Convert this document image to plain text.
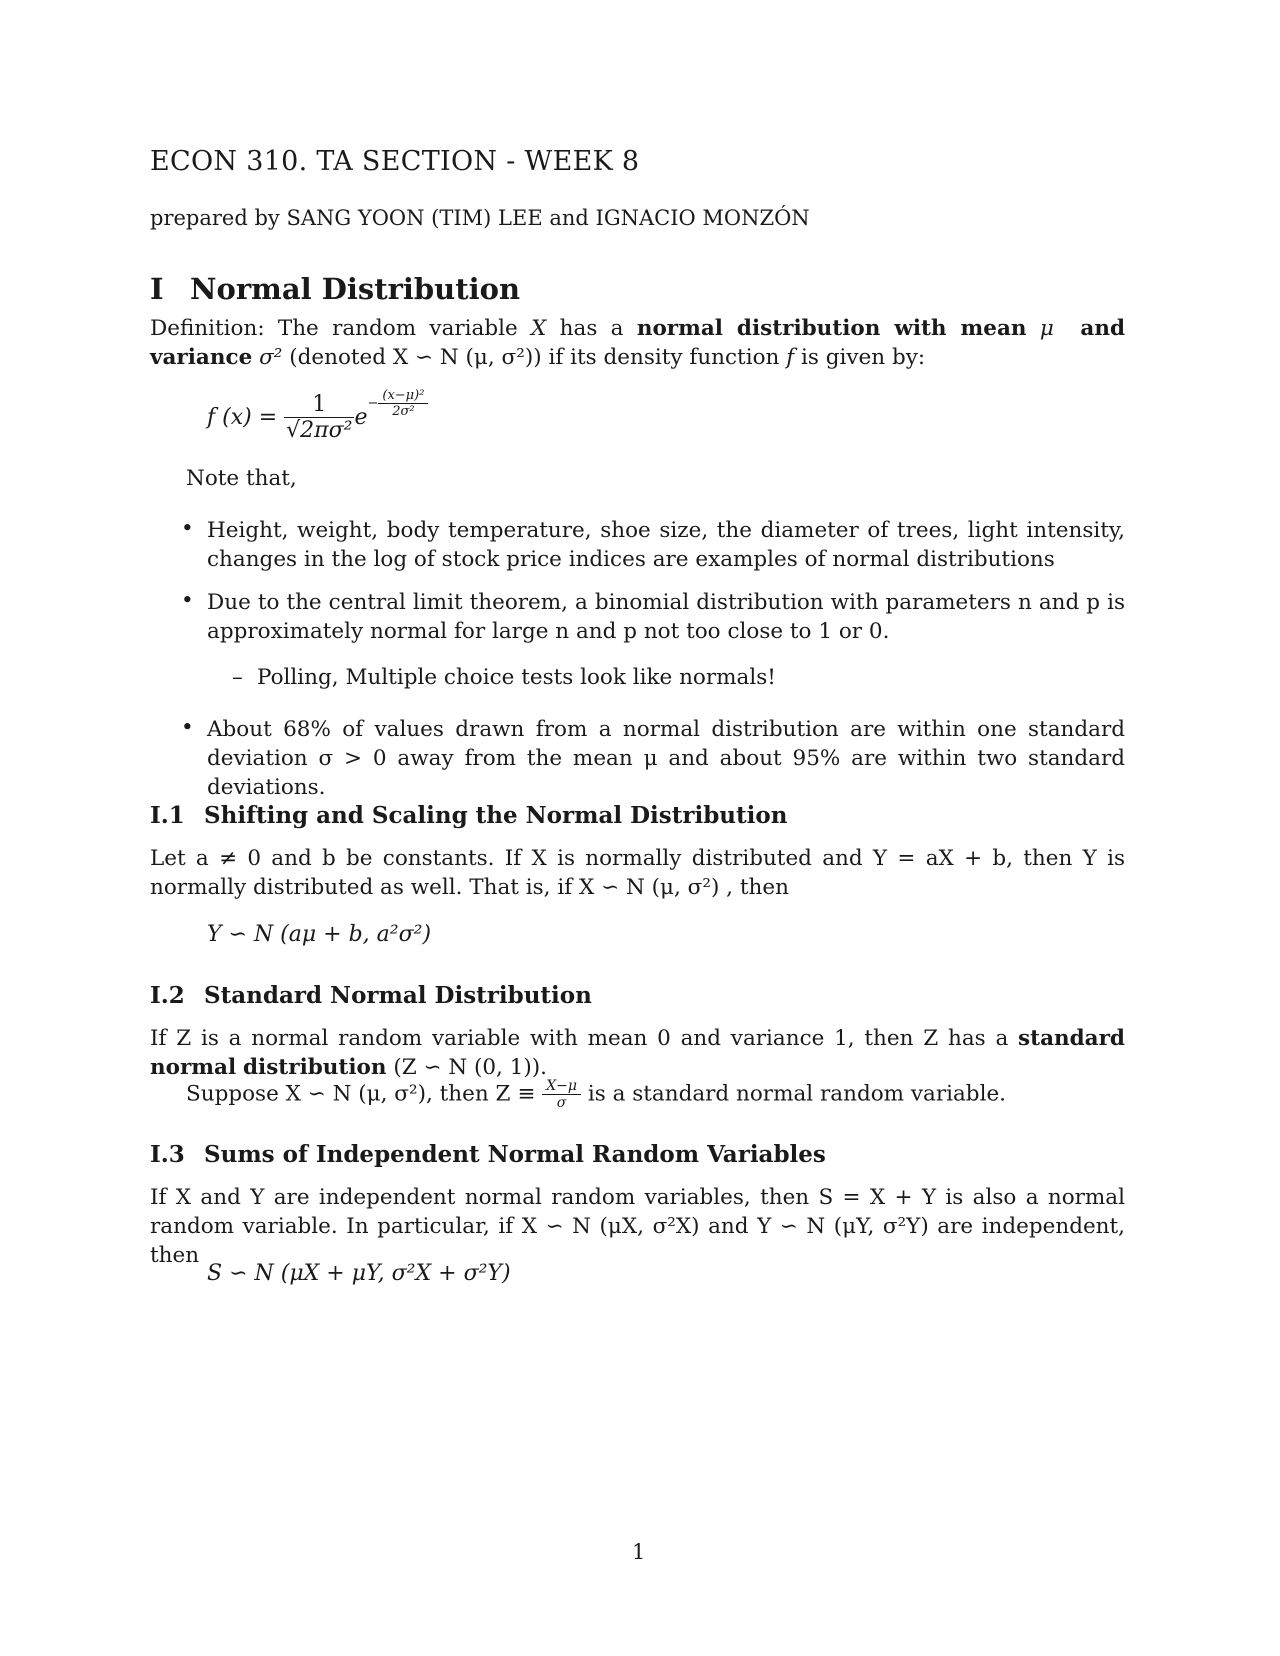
ECON 310. TA SECTION - WEEK 8
prepared by SANG YOON (TIM) LEE and IGNACIO MONZÓN
I Normal Distribution
Definition: The random variable X has a normal distribution with mean μ and variance σ² (denoted X ∽ N (μ, σ²)) if its density function f is given by:
f $(x) = \frac{1}{\text{√2πσ²}} e- \frac{\text{(x−μ)²}}{\text{2σ²}}$
Note that,
• Height, weight, body temperature, shoe size, the diameter of trees, light intensity, changes in the log of stock price indices are examples of normal distributions
• Due to the central limit theorem, a binomial distribution with parameters n and p is approximately normal for large n and p not too close to 1 or 0.
– Polling, Multiple choice tests look like normals!
• About 68% of values drawn from a normal distribution are within one standard deviation σ > 0 away from the mean μ and about 95% are within two standard deviations.
I.1 Shifting and Scaling the Normal Distribution
Let a ≠ 0 and b be constants. If X is normally distributed and Y = aX + b, then Y is normally distributed as well. That is, if X ∽ N (μ, σ²) , then
Y ∽ N (aμ + b, a²σ²)
I.2 Standard Normal Distribution
If Z is a normal random variable with mean 0 and variance 1, then Z has a standard normal distribution (Z ∽ N (0, 1)).
Suppose X ∽ N (μ, σ²), then $Z \equiv \frac{X-\mu}{\sigma}$ is a standard normal random variable.
I.3 Sums of Independent Normal Random Variables
If X and Y are independent normal random variables, then S = X + Y is also a normal random variable. In particular, if X ∽ N (μX, σ²X) and Y ∽ N (μY, σ²Y) are independent, then
S ∽ N (μX + μY, σ²X + σ²Y)
1
